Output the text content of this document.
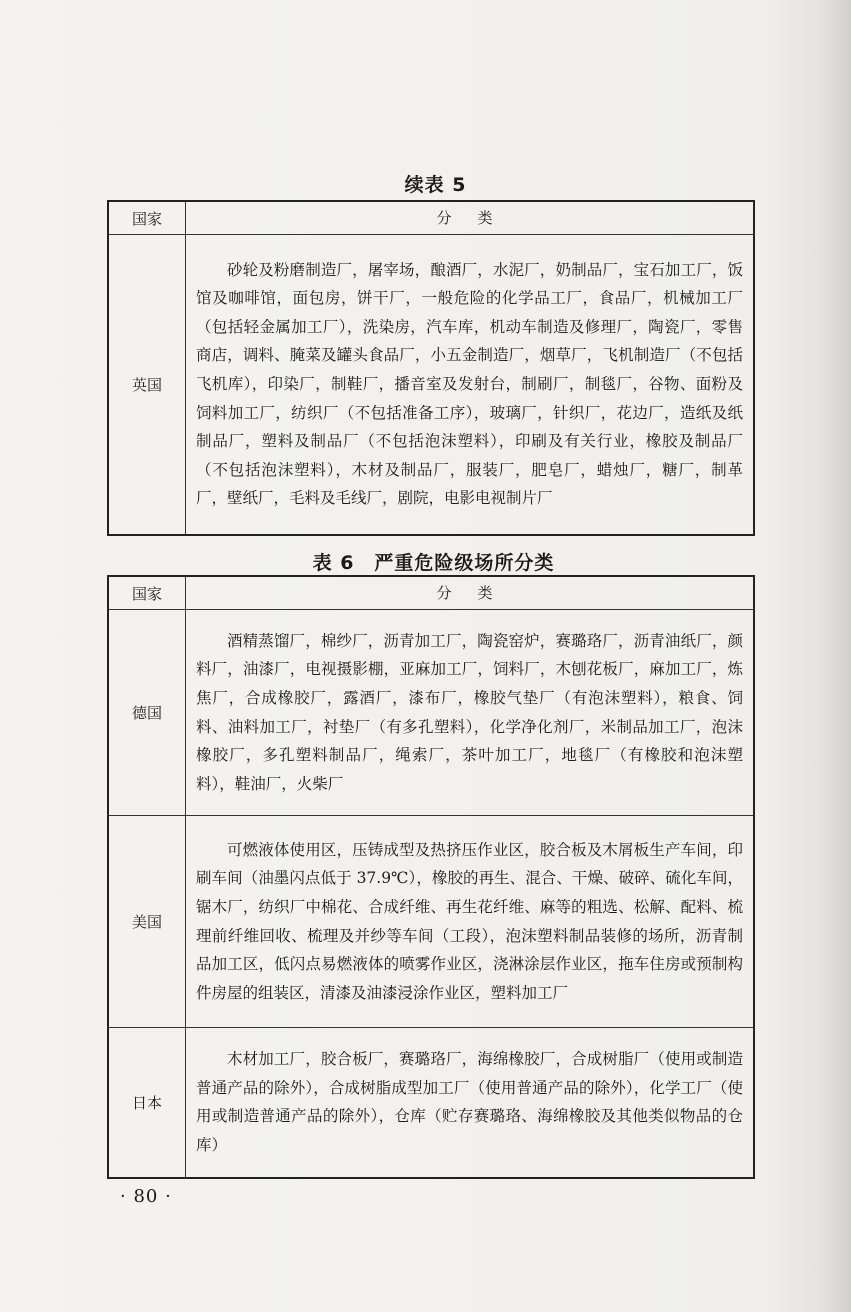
续表 5
国家	分类
英国	砂轮及粉磨制造厂，屠宰场，酿酒厂，水泥厂，奶制品厂，宝石加工厂，饭馆及咖啡馆，面包房，饼干厂，一般危险的化学品工厂，食品厂，机械加工厂（包括轻金属加工厂），洗染房，汽车库，机动车制造及修理厂，陶瓷厂，零售商店，调料、腌菜及罐头食品厂，小五金制造厂，烟草厂，飞机制造厂（不包括飞机库），印染厂，制鞋厂，播音室及发射台，制刷厂，制毯厂，谷物、面粉及饲料加工厂，纺织厂（不包括准备工序），玻璃厂，针织厂，花边厂，造纸及纸制品厂，塑料及制品厂（不包括泡沫塑料），印刷及有关行业，橡胶及制品厂（不包括泡沫塑料），木材及制品厂，服装厂，肥皂厂，蜡烛厂，糖厂，制革厂，壁纸厂，毛料及毛线厂，剧院，电影电视制片厂
表 6　严重危险级场所分类
国家	分类
德国	酒精蒸馏厂，棉纱厂，沥青加工厂，陶瓷窑炉，赛璐珞厂，沥青油纸厂，颜料厂，油漆厂，电视摄影棚，亚麻加工厂，饲料厂，木刨花板厂，麻加工厂，炼焦厂，合成橡胶厂，露酒厂，漆布厂，橡胶气垫厂（有泡沫塑料），粮食、饲料、油料加工厂，衬垫厂（有多孔塑料），化学净化剂厂，米制品加工厂，泡沫橡胶厂，多孔塑料制品厂，绳索厂，茶叶加工厂，地毯厂（有橡胶和泡沫塑料），鞋油厂，火柴厂
美国	可燃液体使用区，压铸成型及热挤压作业区，胶合板及木屑板生产车间，印刷车间（油墨闪点低于 37.9℃），橡胶的再生、混合、干燥、破碎、硫化车间，锯木厂，纺织厂中棉花、合成纤维、再生花纤维、麻等的粗选、松解、配料、梳理前纤维回收、梳理及并纱等车间（工段），泡沫塑料制品装修的场所，沥青制品加工区，低闪点易燃液体的喷雾作业区，浇淋涂层作业区，拖车住房或预制构件房屋的组装区，清漆及油漆浸涂作业区，塑料加工厂
日本	木材加工厂，胶合板厂，赛璐珞厂，海绵橡胶厂，合成树脂厂（使用或制造普通产品的除外），合成树脂成型加工厂（使用普通产品的除外），化学工厂（使用或制造普通产品的除外），仓库（贮存赛璐珞、海绵橡胶及其他类似物品的仓库）
· 80 ·
